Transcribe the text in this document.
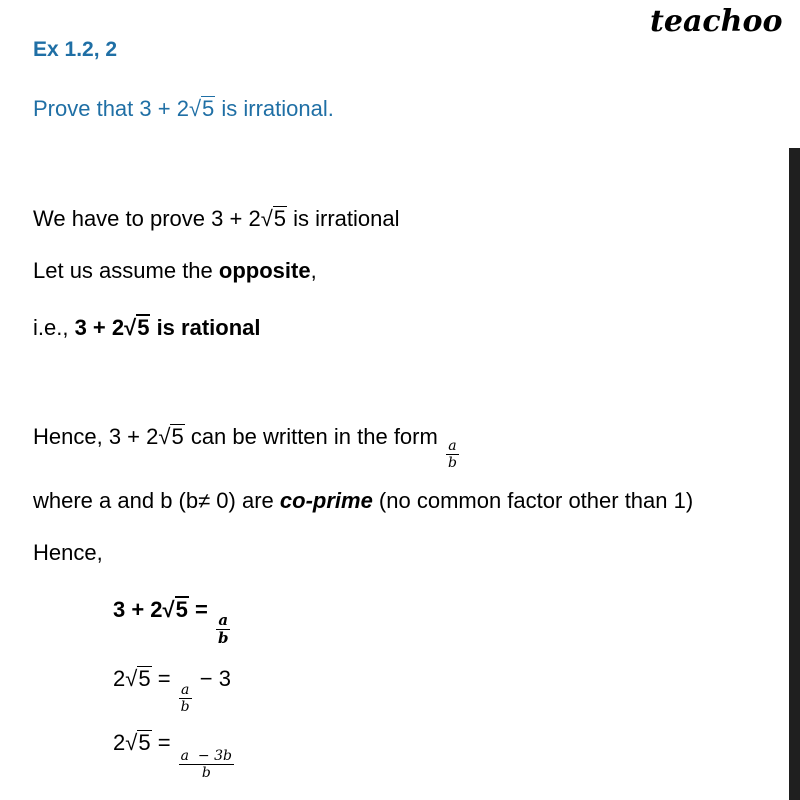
teachoo
Ex 1.2, 2
Prove that 3 + 2√5 is irrational.
We have to prove 3 + 2√5 is irrational
Let us assume the opposite,
i.e., 3 + 2√5 is rational
Hence, 3 + 2√5 can be written in the form
$\frac{a}{b}$
where a and b (b≠ 0) are co-prime (no common factor other than 1)
Hence,
3 + 2√5 =
$\frac{a}{b}$
2√5 =
$\frac{a}{b}$
− 3
2√5 =
$\frac{a - 3b}{b}$
